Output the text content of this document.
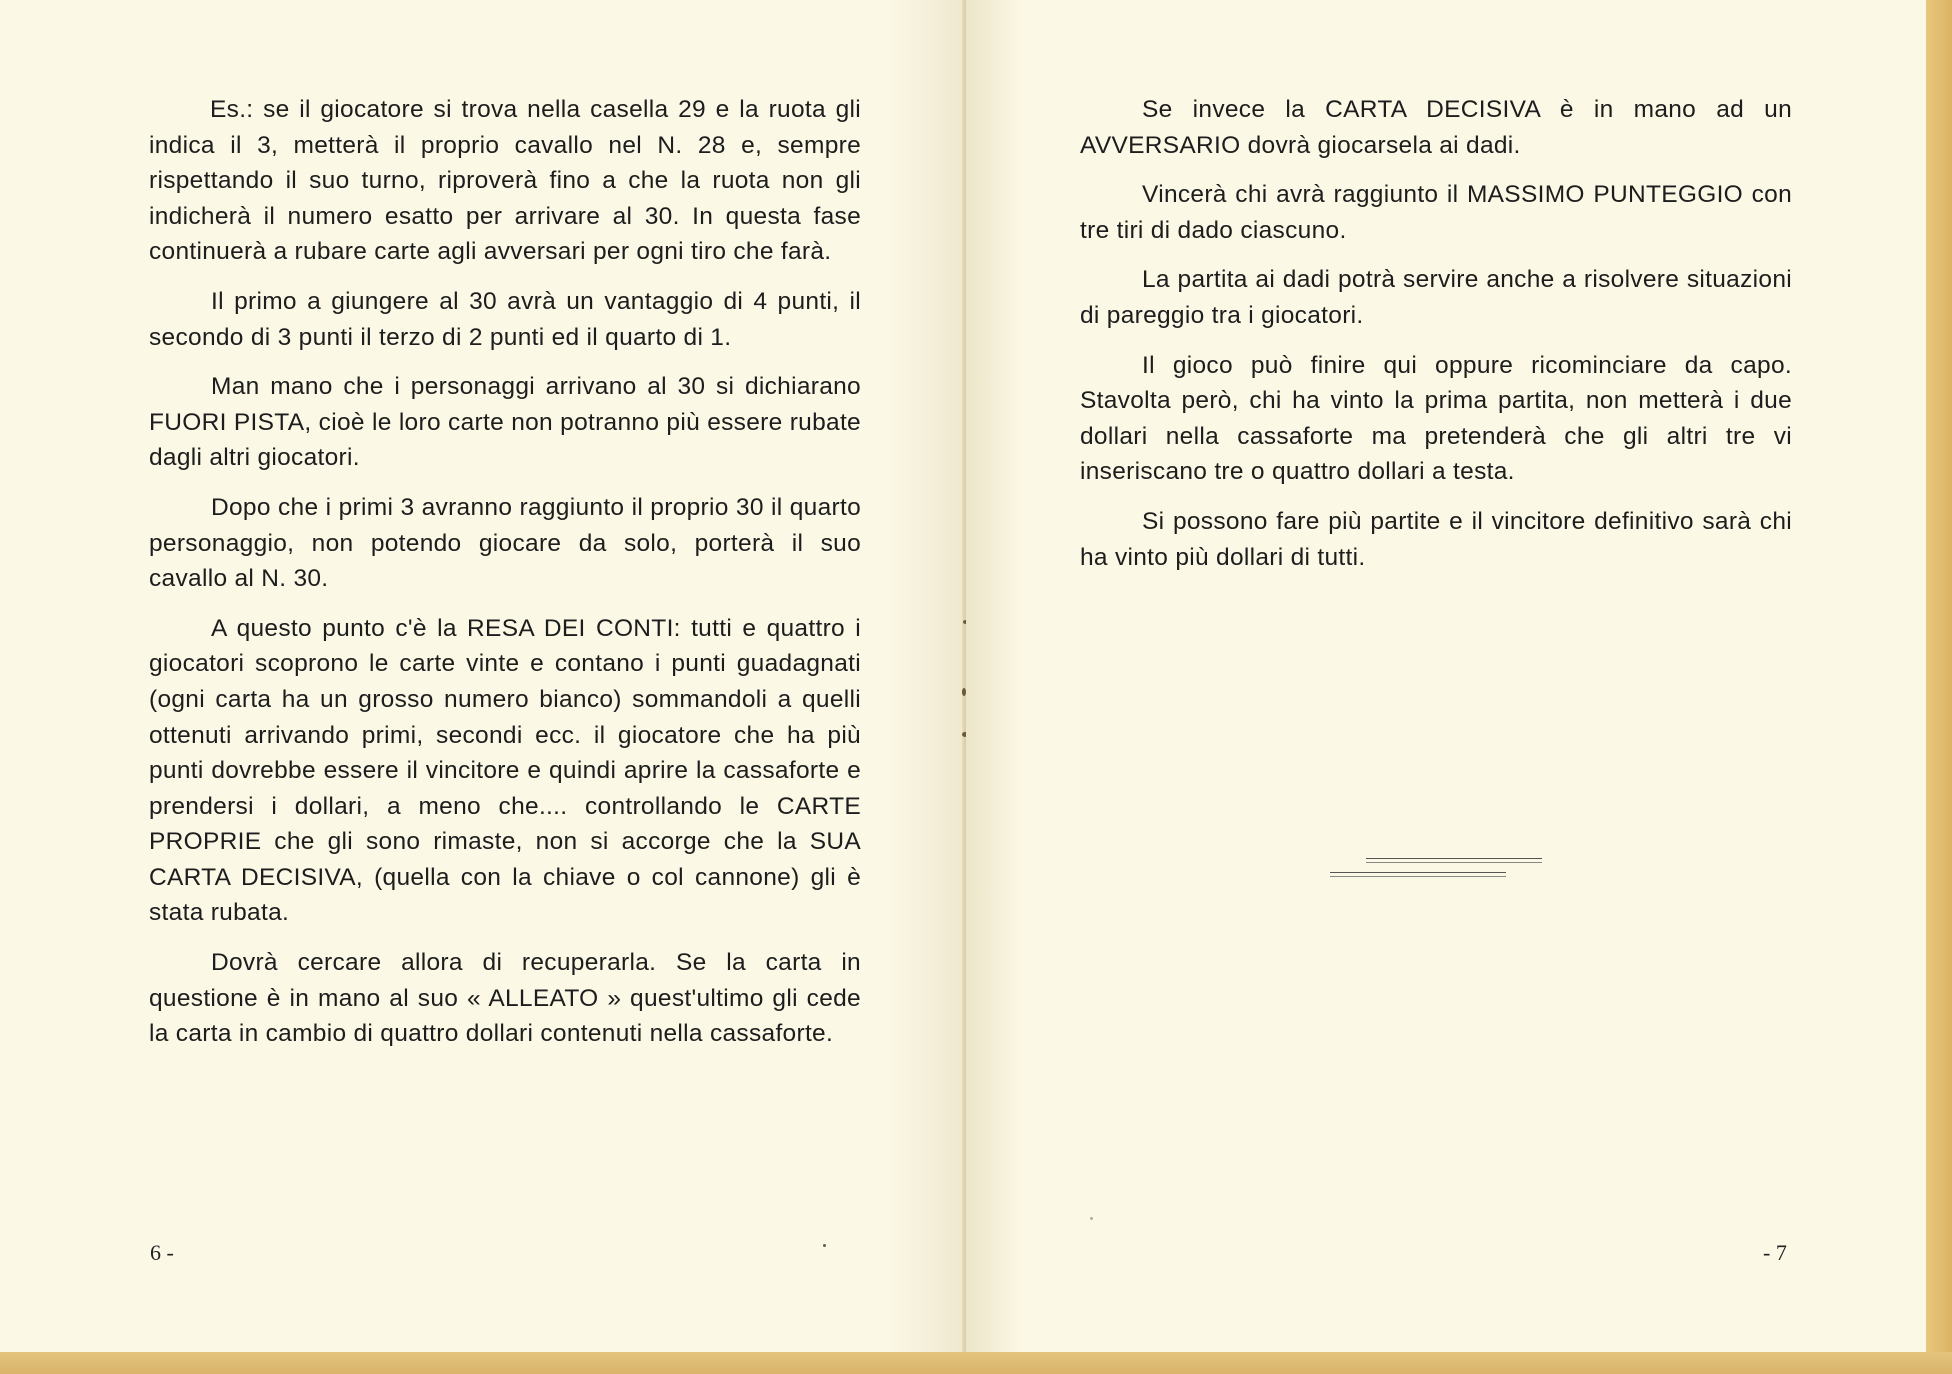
Es.: se il giocatore si trova nella casella 29 e la ruota gli indica il 3, metterà il proprio cavallo nel N. 28 e, sempre rispettando il suo turno, riproverà fino a che la ruota non gli indicherà il numero esatto per arrivare al 30. In questa fase continuerà a rubare carte agli avversari per ogni tiro che farà.

Il primo a giungere al 30 avrà un vantaggio di 4 punti, il secondo di 3 punti il terzo di 2 punti ed il quarto di 1.

Man mano che i personaggi arrivano al 30 si dichiarano FUORI PISTA, cioè le loro carte non potranno più essere rubate dagli altri giocatori.

Dopo che i primi 3 avranno raggiunto il proprio 30 il quarto personaggio, non potendo giocare da solo, porterà il suo cavallo al N. 30.

A questo punto c'è la RESA DEI CONTI: tutti e quattro i giocatori scoprono le carte vinte e contano i punti guadagnati (ogni carta ha un grosso numero bianco) sommandoli a quelli ottenuti arrivando primi, secondi ecc. il giocatore che ha più punti dovrebbe essere il vincitore e quindi aprire la cassaforte e prendersi i dollari, a meno che.... controllando le CARTE PROPRIE che gli sono rimaste, non si accorge che la SUA CARTA DECISIVA, (quella con la chiave o col cannone) gli è stata rubata.

Dovrà cercare allora di recuperarla. Se la carta in questione è in mano al suo « ALLEATO » quest'ultimo gli cede la carta in cambio di quattro dollari contenuti nella cassaforte.

6 -

Se invece la CARTA DECISIVA è in mano ad un AVVERSARIO dovrà giocarsela ai dadi.

Vincerà chi avrà raggiunto il MASSIMO PUNTEGGIO con tre tiri di dado ciascuno.

La partita ai dadi potrà servire anche a risolvere situazioni di pareggio tra i giocatori.

Il gioco può finire qui oppure ricominciare da capo. Stavolta però, chi ha vinto la prima partita, non metterà i due dollari nella cassaforte ma pretenderà che gli altri tre vi inseriscano tre o quattro dollari a testa.

Si possono fare più partite e il vincitore definitivo sarà chi ha vinto più dollari di tutti.

- 7
